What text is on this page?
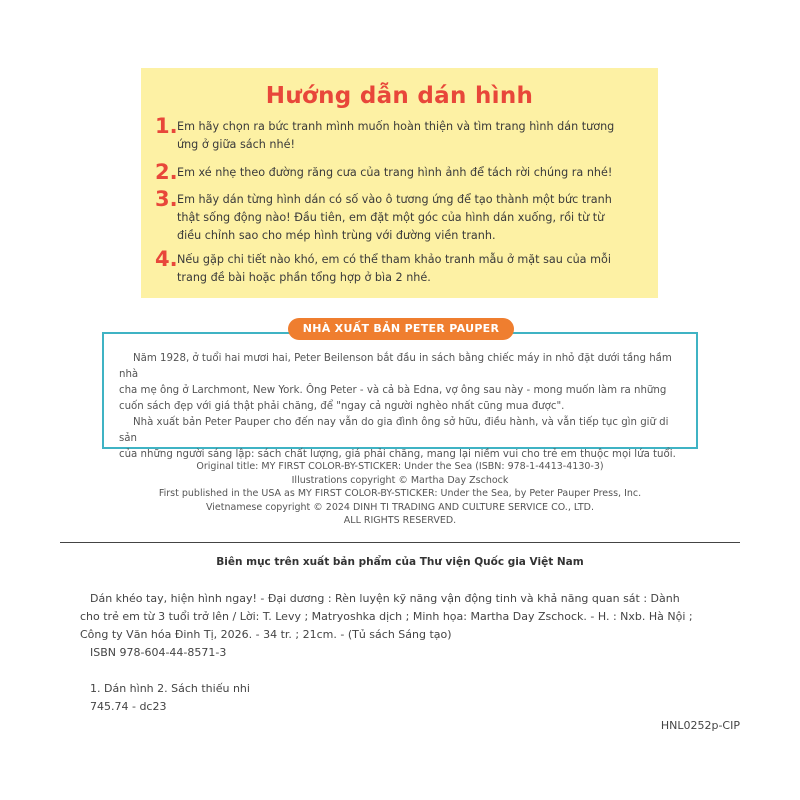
Hướng dẫn dán hình
1. Em hãy chọn ra bức tranh mình muốn hoàn thiện và tìm trang hình dán tương
ứng ở giữa sách nhé!
2. Em xé nhẹ theo đường răng cưa của trang hình ảnh để tách rời chúng ra nhé!
3. Em hãy dán từng hình dán có số vào ô tương ứng để tạo thành một bức tranh
thật sống động nào! Đầu tiên, em đặt một góc của hình dán xuống, rồi từ từ
điều chỉnh sao cho mép hình trùng với đường viền tranh.
4. Nếu gặp chi tiết nào khó, em có thể tham khảo tranh mẫu ở mặt sau của mỗi
trang đề bài hoặc phần tổng hợp ở bìa 2 nhé.
Năm 1928, ở tuổi hai mươi hai, Peter Beilenson bắt đầu in sách bằng chiếc máy in nhỏ đặt dưới tầng hầm nhà
cha mẹ ông ở Larchmont, New York. Ông Peter - và cả bà Edna, vợ ông sau này - mong muốn làm ra những
cuốn sách đẹp với giá thật phải chăng, để "ngay cả người nghèo nhất cũng mua được".
Nhà xuất bản Peter Pauper cho đến nay vẫn do gia đình ông sở hữu, điều hành, và vẫn tiếp tục gìn giữ di sản
của những người sáng lập: sách chất lượng, giá phải chăng, mang lại niềm vui cho trẻ em thuộc mọi lứa tuổi.
NHÀ XUẤT BẢN PETER PAUPER
Original title: MY FIRST COLOR-BY-STICKER: Under the Sea (ISBN: 978-1-4413-4130-3)
Illustrations copyright © Martha Day Zschock
First published in the USA as MY FIRST COLOR-BY-STICKER: Under the Sea, by Peter Pauper Press, Inc.
Vietnamese copyright © 2024 DINH TI TRADING AND CULTURE SERVICE CO., LTD.
ALL RIGHTS RESERVED.
Biên mục trên xuất bản phẩm của Thư viện Quốc gia Việt Nam
Dán khéo tay, hiện hình ngay! - Đại dương : Rèn luyện kỹ năng vận động tinh và khả năng quan sát : Dành
cho trẻ em từ 3 tuổi trở lên / Lời: T. Levy ; Matryoshka dịch ; Minh họa: Martha Day Zschock. - H. : Nxb. Hà Nội ;
Công ty Văn hóa Đinh Tị, 2026. - 34 tr. ; 21cm. - (Tủ sách Sáng tạo)
ISBN 978-604-44-8571-3
1. Dán hình 2. Sách thiếu nhi
745.74 - dc23
HNL0252p-CIP
